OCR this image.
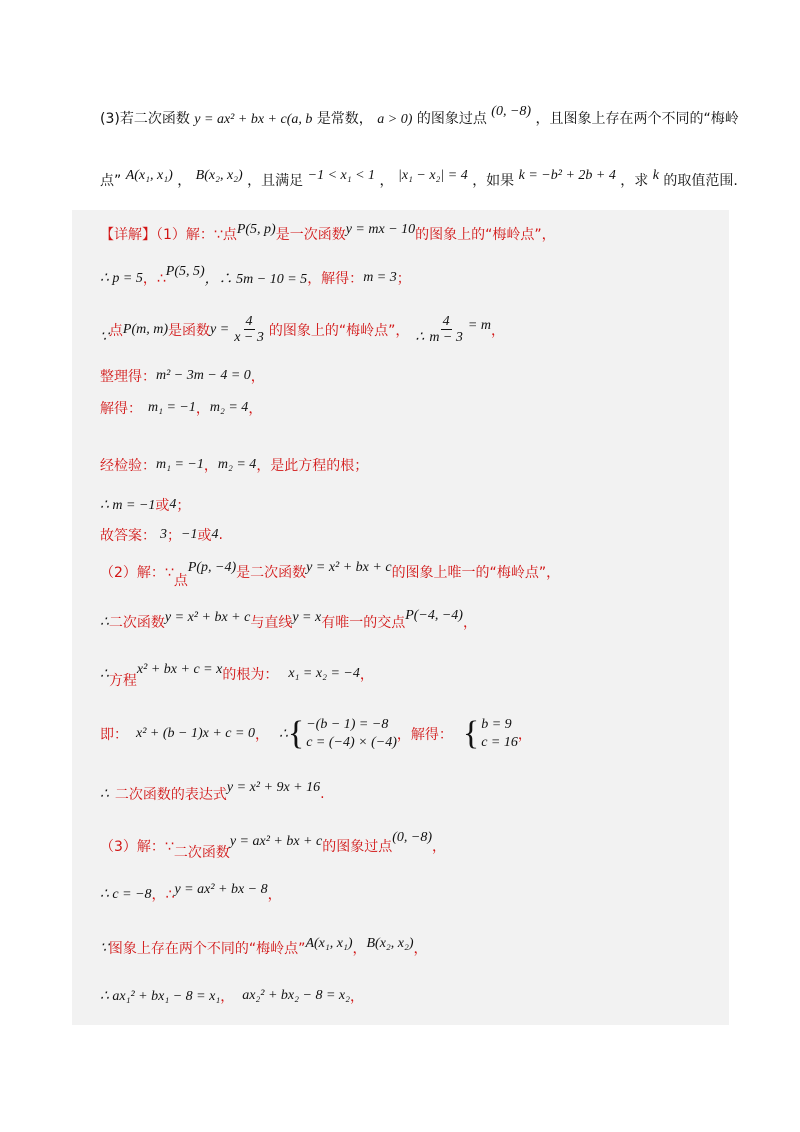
(3)若二次函数 y = ax² + bx + c(a, b 是常数， a > 0) 的图象过点 (0, −8) ，且图象上存在两个不同的“梅岭
点” A(x₁, x₁) ， B(x₂, x₂) ，且满足 −1 < x₁ < 1 ， |x₁ − x₂| = 4 ，如果 k = −b² + 2b + 4 ，求 k 的取值范围.
【详解】（1）解：∵点 P(5, p) 是一次函数 y = mx − 10 的图象上的“梅岭点”，
∴ p = 5 ，∴ P(5, 5)
，∴ 5m − 10 = 5 ，解得： m = 3 ；
∵ 点 P(m, m) 是函数 $y = \frac{4}{x - 3}$ 的图象上的“梅岭点”， ∴ $\frac{4}{m - 3} = m$ ，
整理得： m² − 3m − 4 = 0 ，
解得： m₁ = −1 ， m₂ = 4 ，
经检验： m₁ = −1 ， m₂ = 4 ，是此方程的根；
∴ m = −1 或 4 ；
故答案： 3 ； −1 或 4 .
（2）解：∵ 点
P(p, −4) 是二次函数 y = x² + bx + c 的图象上唯一的“梅岭点”，
∴ 二次函数 y = x² + bx + c 与直线 y = x 有唯一的交点 P(−4, −4) ，
∴ 方程
x² + bx + c = x 的根为： x₁ = x₂ = −4 ，
即： x² + (b − 1)x + c = 0 ， ∴ { −(b − 1) = −8
c = (−4) × (−4) ，解得： { b = 9
c = 16 ，
∴ 二次函数的表达式 y = x² + 9x + 16 .
（3）解：∵ 二次函数
y = ax² + bx + c 的图象过点
(0, −8)
，
∴ c = −8 ，∴ y = ax² + bx − 8 ，
∵ 图象上存在两个不同的“梅岭点” A(x₁, x₁) ， B(x₂, x₂) ，
∴ ax₁² + bx₁ − 8 = x₁ ， ax₂² + bx₂ − 8 = x₂ ，
